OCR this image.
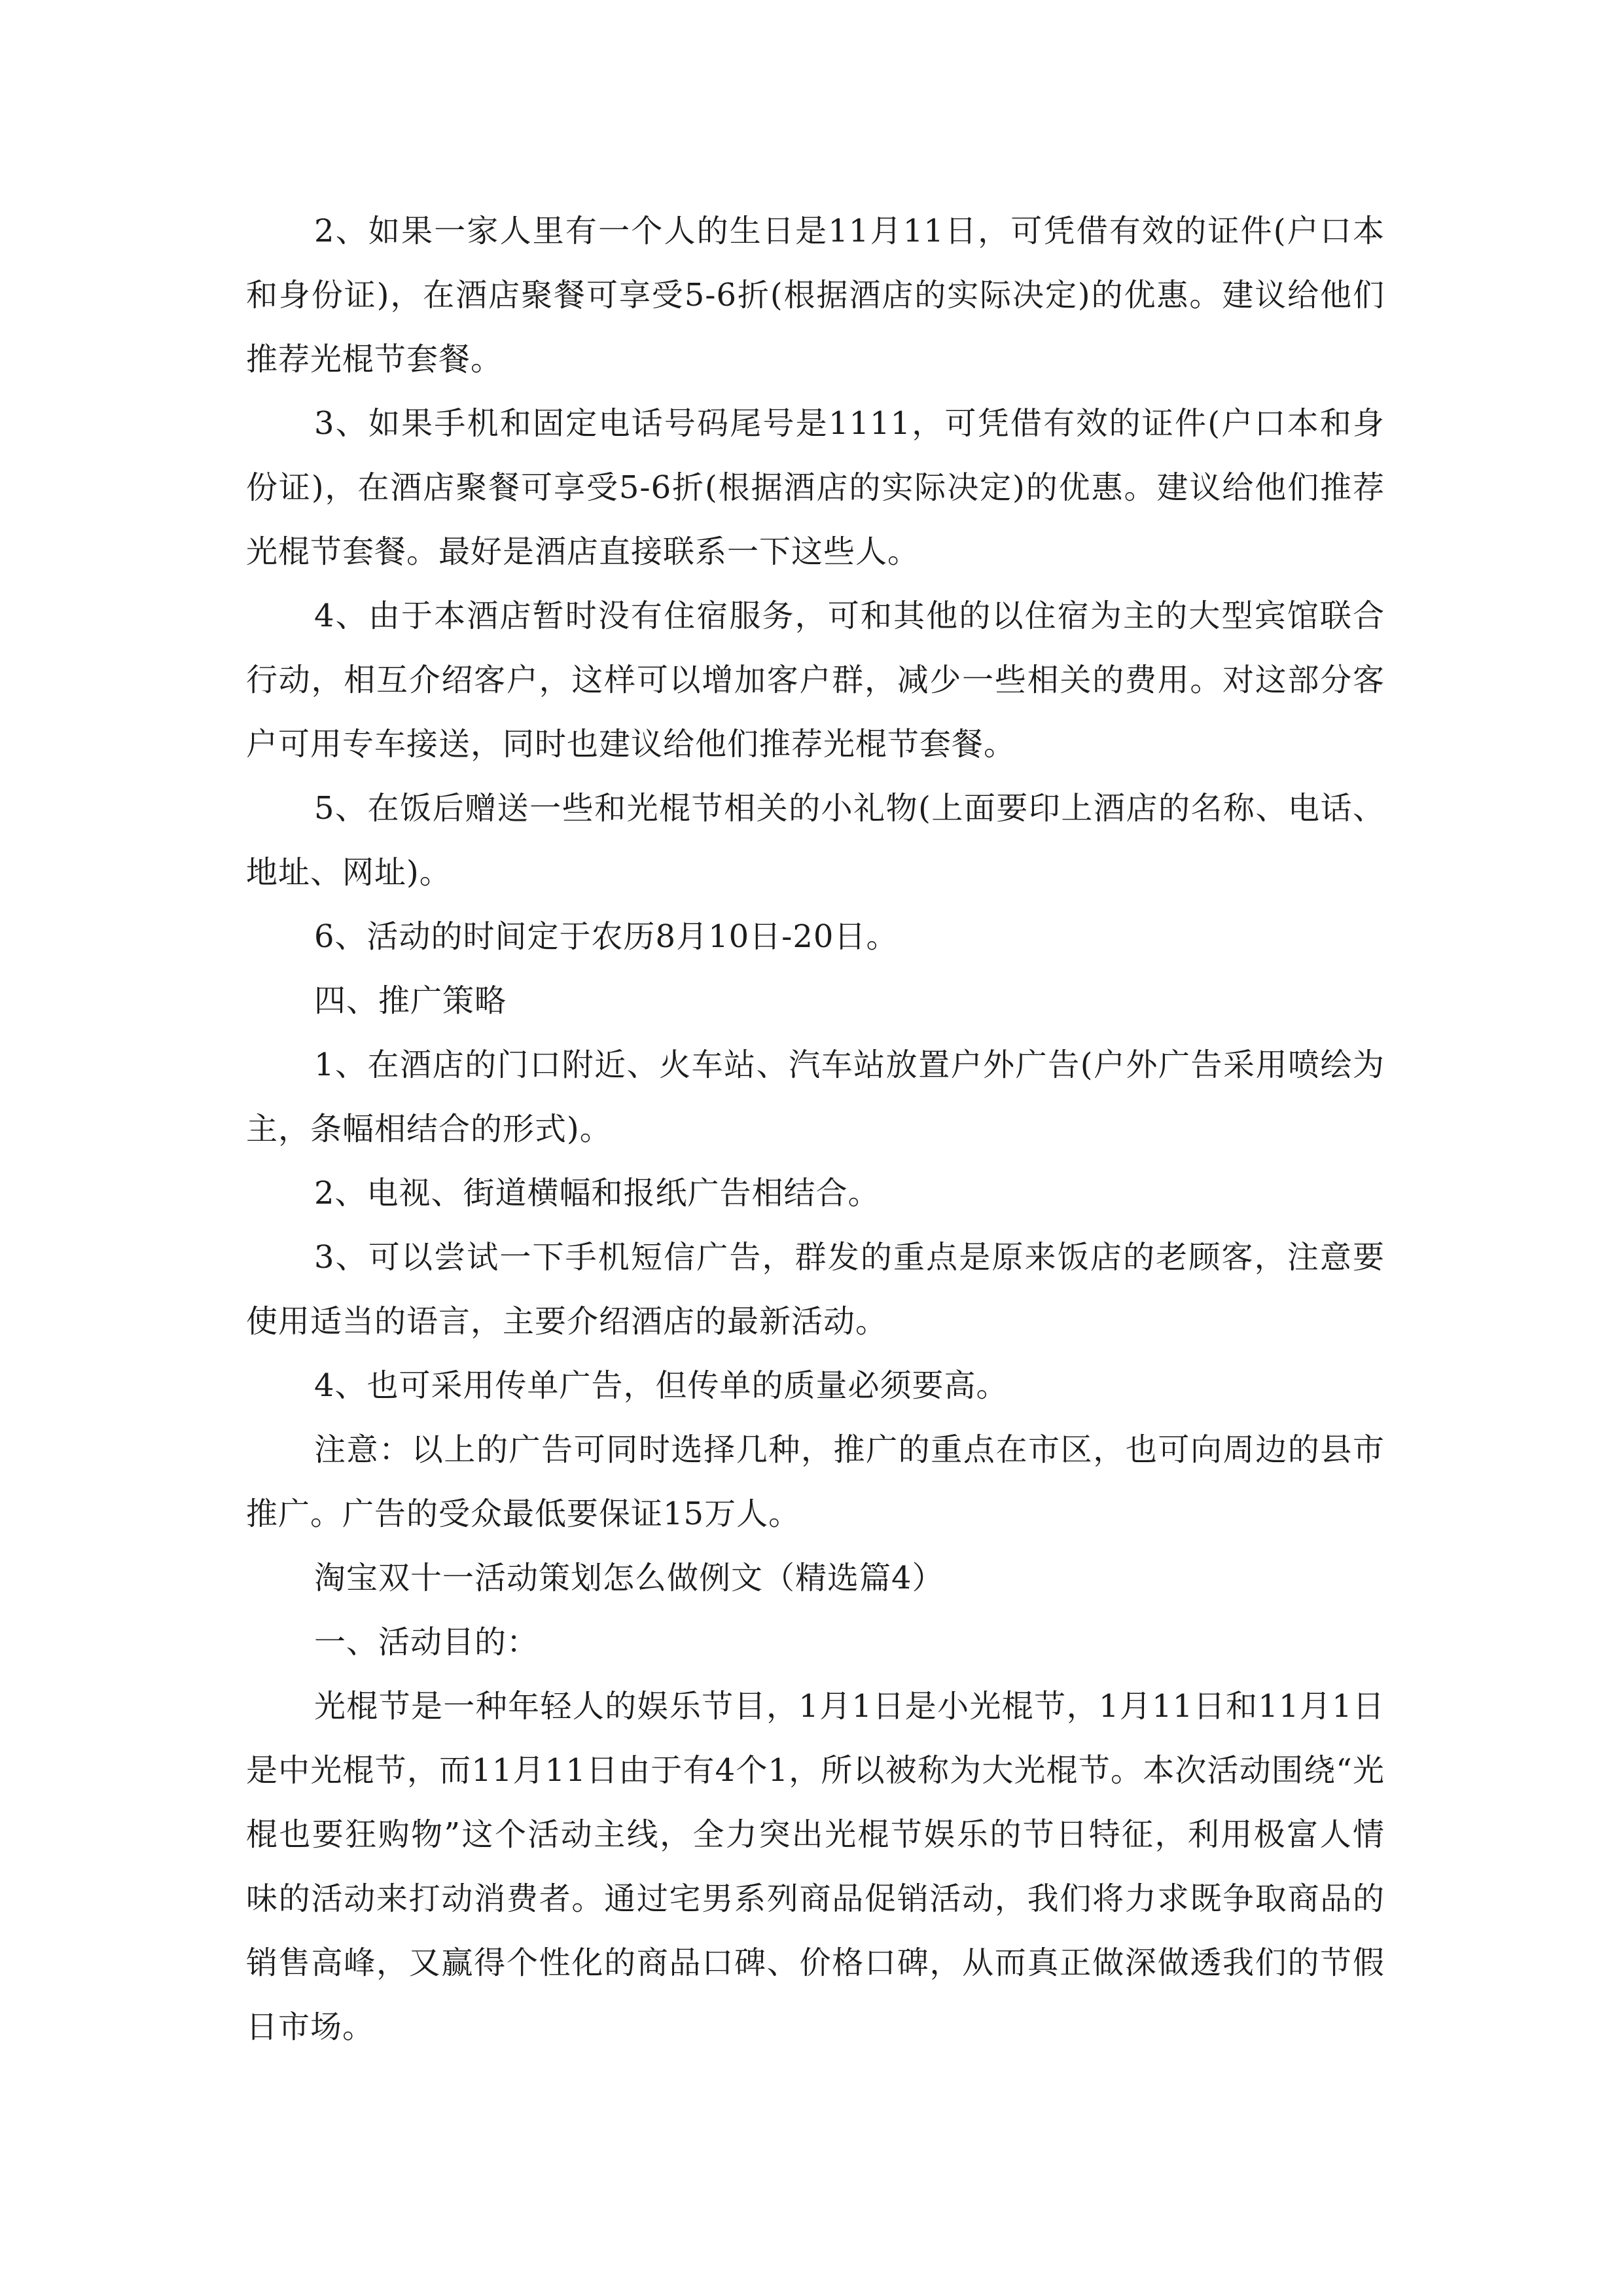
2、如果一家人里有一个人的生日是11月11日，可凭借有效的证件(户口本和身份证)，在酒店聚餐可享受5-6折(根据酒店的实际决定)的优惠。建议给他们推荐光棍节套餐。

3、如果手机和固定电话号码尾号是1111，可凭借有效的证件(户口本和身份证)，在酒店聚餐可享受5-6折(根据酒店的实际决定)的优惠。建议给他们推荐光棍节套餐。最好是酒店直接联系一下这些人。

4、由于本酒店暂时没有住宿服务，可和其他的以住宿为主的大型宾馆联合行动，相互介绍客户，这样可以增加客户群，减少一些相关的费用。对这部分客户可用专车接送，同时也建议给他们推荐光棍节套餐。

5、在饭后赠送一些和光棍节相关的小礼物(上面要印上酒店的名称、电话、地址、网址)。

6、活动的时间定于农历8月10日-20日。

四、推广策略

1、在酒店的门口附近、火车站、汽车站放置户外广告(户外广告采用喷绘为主，条幅相结合的形式)。

2、电视、街道横幅和报纸广告相结合。

3、可以尝试一下手机短信广告，群发的重点是原来饭店的老顾客，注意要使用适当的语言，主要介绍酒店的最新活动。

4、也可采用传单广告，但传单的质量必须要高。

注意：以上的广告可同时选择几种，推广的重点在市区，也可向周边的县市推广。广告的受众最低要保证15万人。

淘宝双十一活动策划怎么做例文（精选篇4）

一、活动目的：

光棍节是一种年轻人的娱乐节目，1月1日是小光棍节，1月11日和11月1日是中光棍节，而11月11日由于有4个1，所以被称为大光棍节。本次活动围绕“光棍也要狂购物”这个活动主线，全力突出光棍节娱乐的节日特征，利用极富人情味的活动来打动消费者。通过宅男系列商品促销活动，我们将力求既争取商品的销售高峰，又赢得个性化的商品口碑、价格口碑，从而真正做深做透我们的节假日市场。
